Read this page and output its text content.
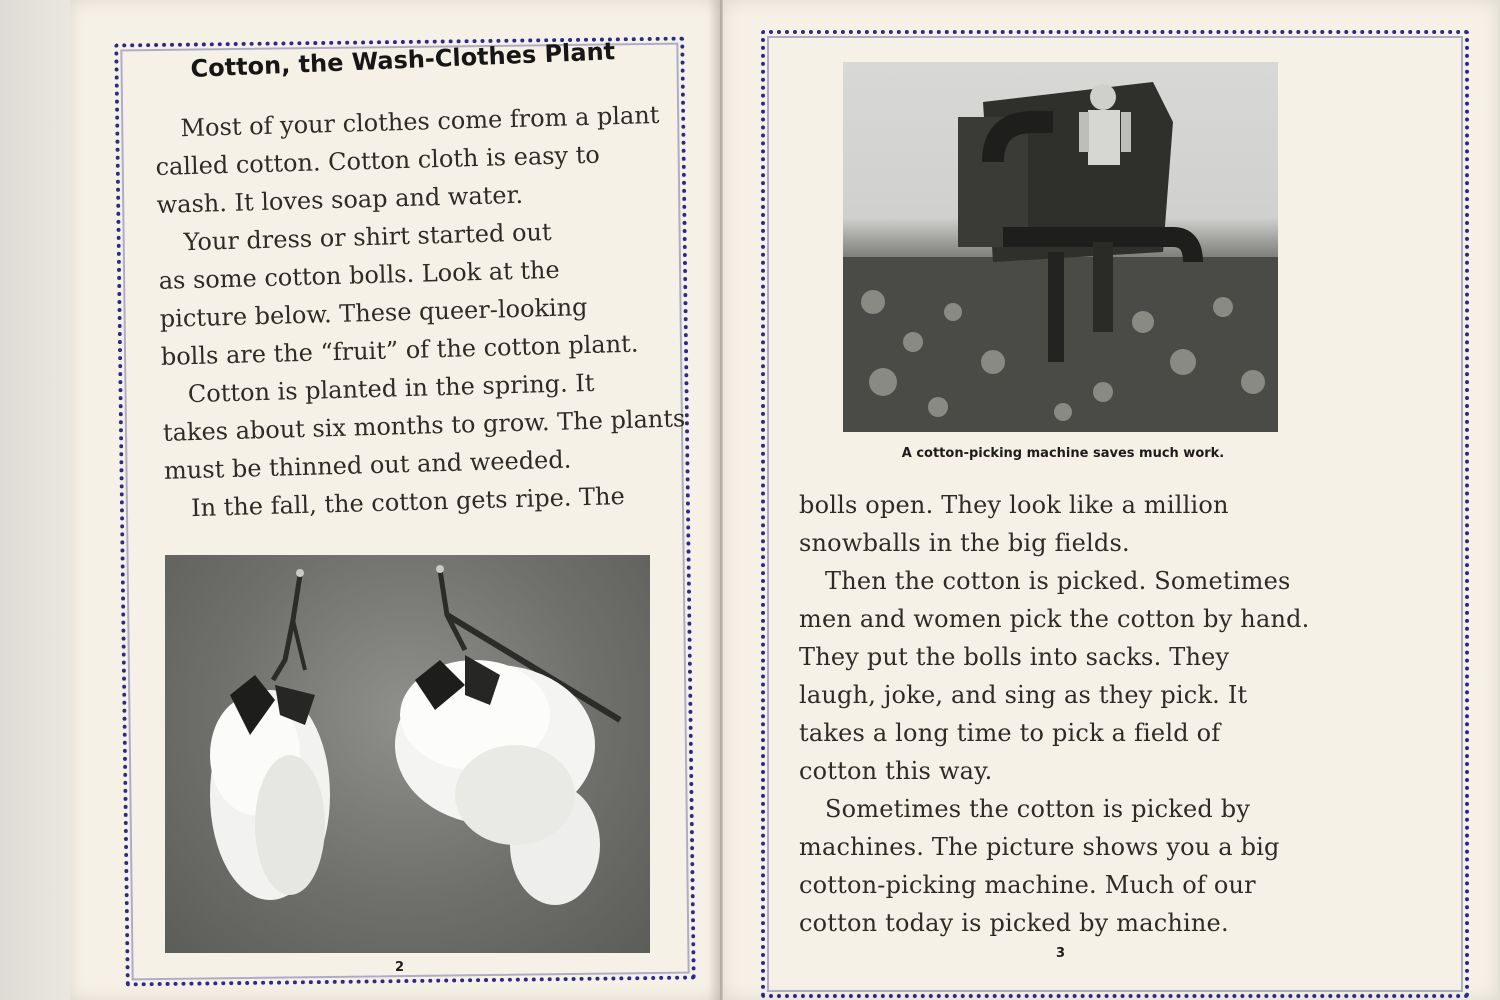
Cotton, the Wash-Clothes Plant

Most of your clothes come from a plant
called cotton. Cotton cloth is easy to
wash. It loves soap and water.

Your dress or shirt started out
as some cotton bolls. Look at the
picture below. These queer-looking
bolls are the “fruit” of the cotton plant.

Cotton is planted in the spring. It
takes about six months to grow. The plants
must be thinned out and weeded.

In the fall, the cotton gets ripe. The

2
A cotton-picking machine saves much work.

bolls open. They look like a million
snowballs in the big fields.

Then the cotton is picked. Sometimes
men and women pick the cotton by hand.
They put the bolls into sacks. They
laugh, joke, and sing as they pick. It
takes a long time to pick a field of
cotton this way.

Sometimes the cotton is picked by
machines. The picture shows you a big
cotton-picking machine. Much of our
cotton today is picked by machine.

3
